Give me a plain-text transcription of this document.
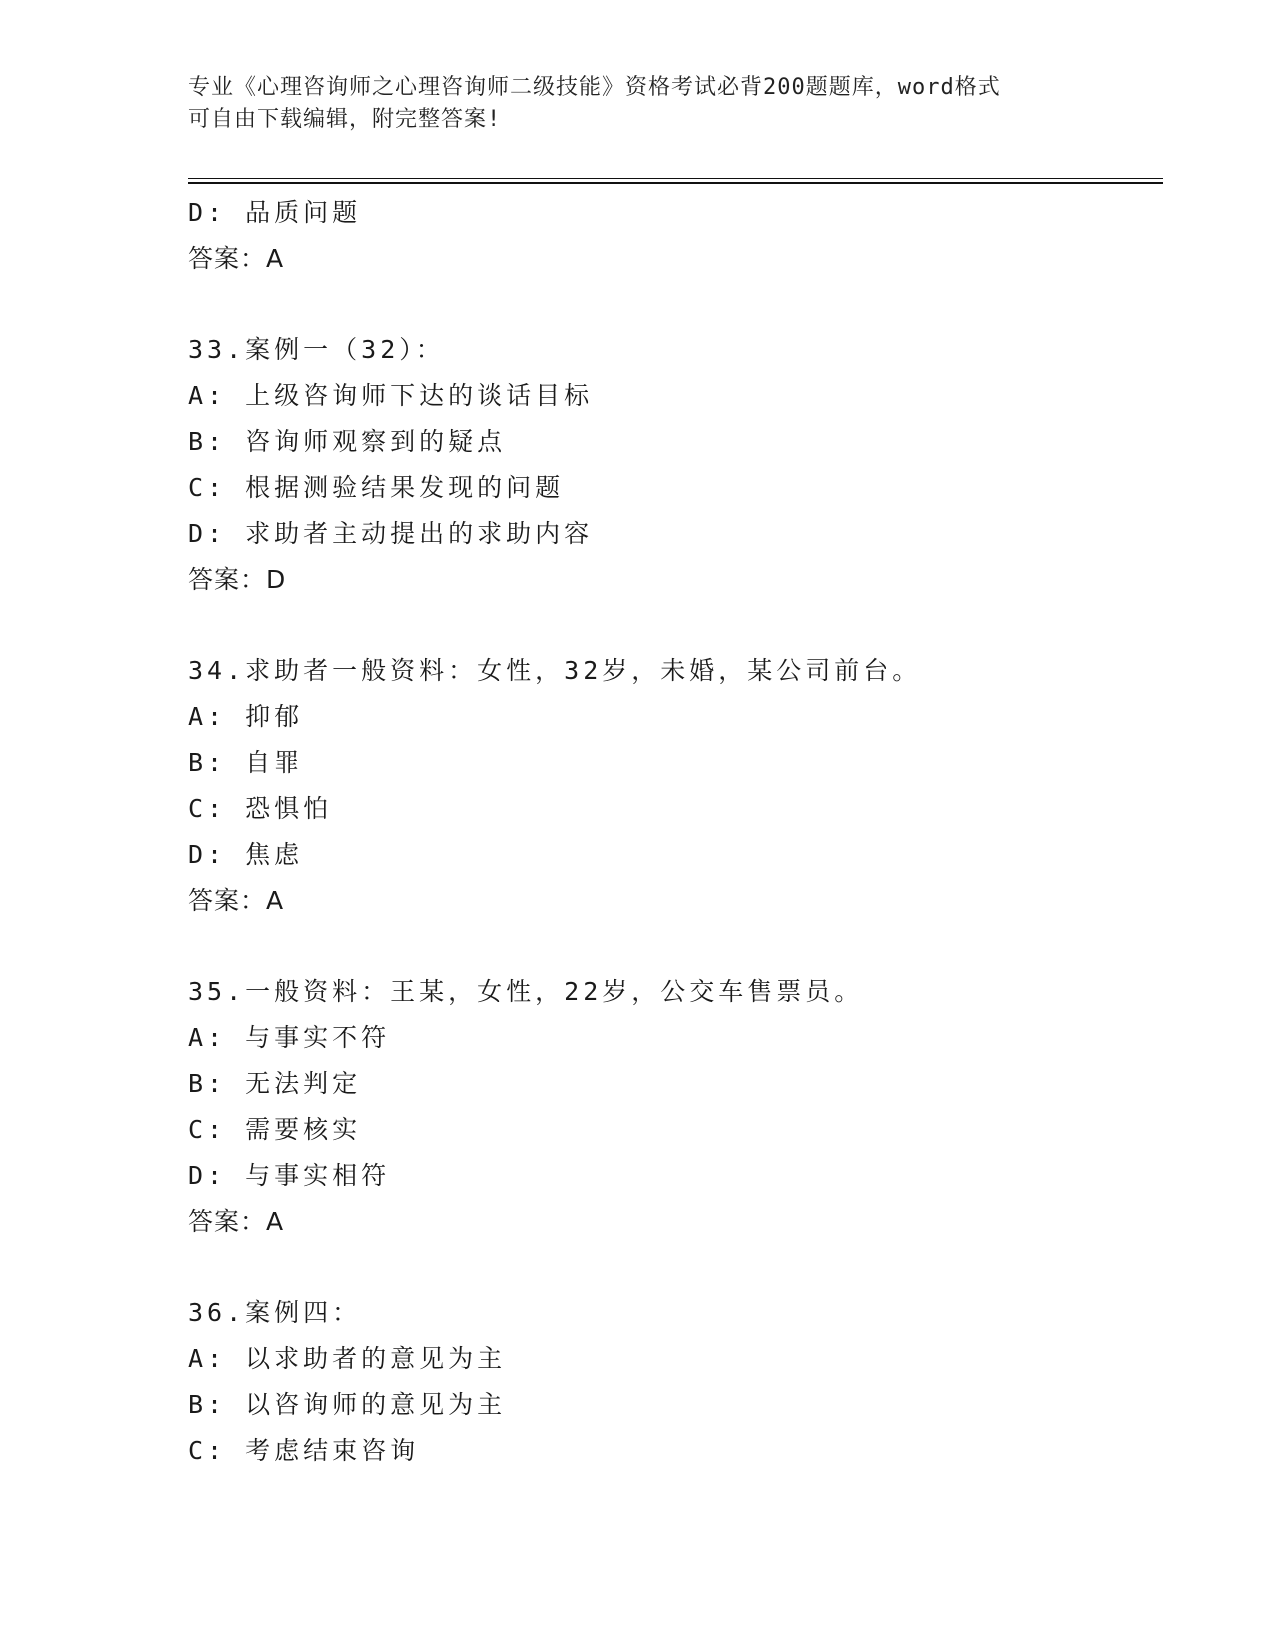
专业《心理咨询师之心理咨询师二级技能》资格考试必背200题题库，word格式
可自由下载编辑，附完整答案!
D: 品质问题
答案：A
33.案例一（32）：
A: 上级咨询师下达的谈话目标
B: 咨询师观察到的疑点
C: 根据测验结果发现的问题
D: 求助者主动提出的求助内容
答案：D
34.求助者一般资料：女性，32岁，未婚，某公司前台。
A: 抑郁
B: 自罪
C: 恐惧怕
D: 焦虑
答案：A
35.一般资料：王某，女性，22岁，公交车售票员。
A: 与事实不符
B: 无法判定
C: 需要核实
D: 与事实相符
答案：A
36.案例四：
A: 以求助者的意见为主
B: 以咨询师的意见为主
C: 考虑结束咨询
